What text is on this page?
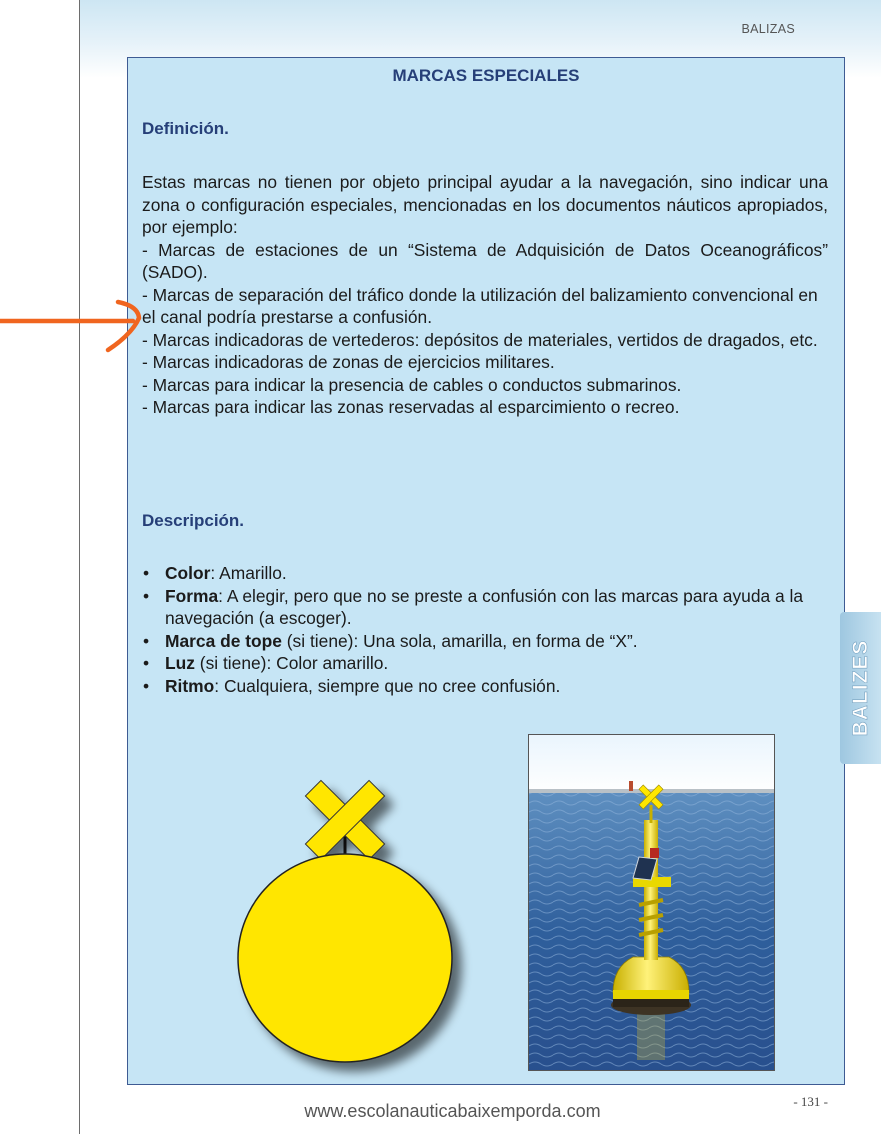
BALIZAS
MARCAS ESPECIALES
Definición.

Estas marcas no tienen por objeto principal ayudar a la navegación, sino indicar una zona o configuración especiales, mencionadas en los documentos náuticos apropiados, por ejemplo:

- Marcas de estaciones de un “Sistema de Adquisición de Datos Oceanográficos” (SADO).

- Marcas de separación del tráfico donde la utilización del balizamiento convencional en el canal podría prestarse a confusión.

- Marcas indicadoras de vertederos: depósitos de materiales, vertidos de dragados, etc.

- Marcas indicadoras de zonas de ejercicios militares.

- Marcas para indicar la presencia de cables o conductos submarinos.

- Marcas para indicar las zonas reservadas al esparcimiento o recreo.

Descripción.
• Color: Amarillo.
• Forma: A elegir, pero que no se preste a confusión con las marcas para ayuda a la navegación (a escoger).
• Marca de tope (si tiene): Una sola, amarilla, en forma de “X”.
• Luz (si tiene): Color amarillo.
• Ritmo: Cualquiera, siempre que no cree confusión.	BALIZES
www.escolanauticabaixemporda.com	- 131 -
